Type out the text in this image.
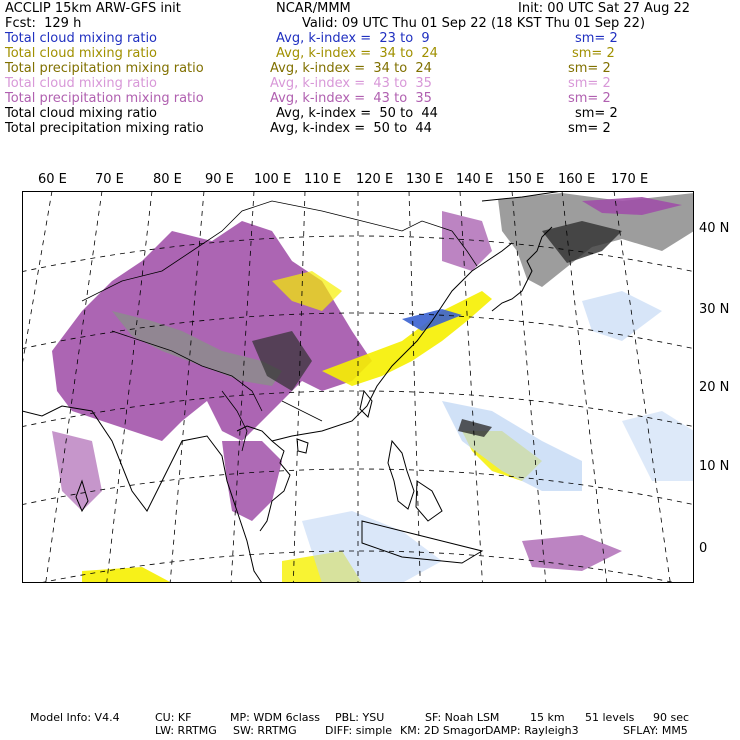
ACCLIP 15km ARW-GFS init	NCAR/MMM	Init: 00 UTC Sat 27 Aug 22
Fcst:  129 h	Valid: 09 UTC Thu 01 Sep 22 (18 KST Thu 01 Sep 22)
Total cloud mixing ratio	Avg, k-index =  23 to  9	sm= 2
Total cloud mixing ratio	Avg, k-index =  34 to  24	sm= 2
Total precipitation mixing ratio	Avg, k-index =  34 to  24	sm= 2
Total cloud mixing ratio	Avg, k-index =  43 to  35	sm= 2
Total precipitation mixing ratio	Avg, k-index =  43 to  35	sm= 2
Total cloud mixing ratio	Avg, k-index =  50 to  44	sm= 2
Total precipitation mixing ratio	Avg, k-index =  50 to  44	sm= 2
60 E 70 E 80 E 90 E 100 E 110 E 120 E 130 E 140 E 150 E 160 E 170 E
40 N
30 N
20 N
10 N
0
Model Info: V4.4	CU: KF	MP: WDM 6class PBL: YSU	SF: Noah LSM	15 km 51 levels 90 sec
LW: RRTMG SW: RRTMG	DIFF: simple KM: 2D Smagor DAMP: Rayleigh3	SFLAY: MM5
